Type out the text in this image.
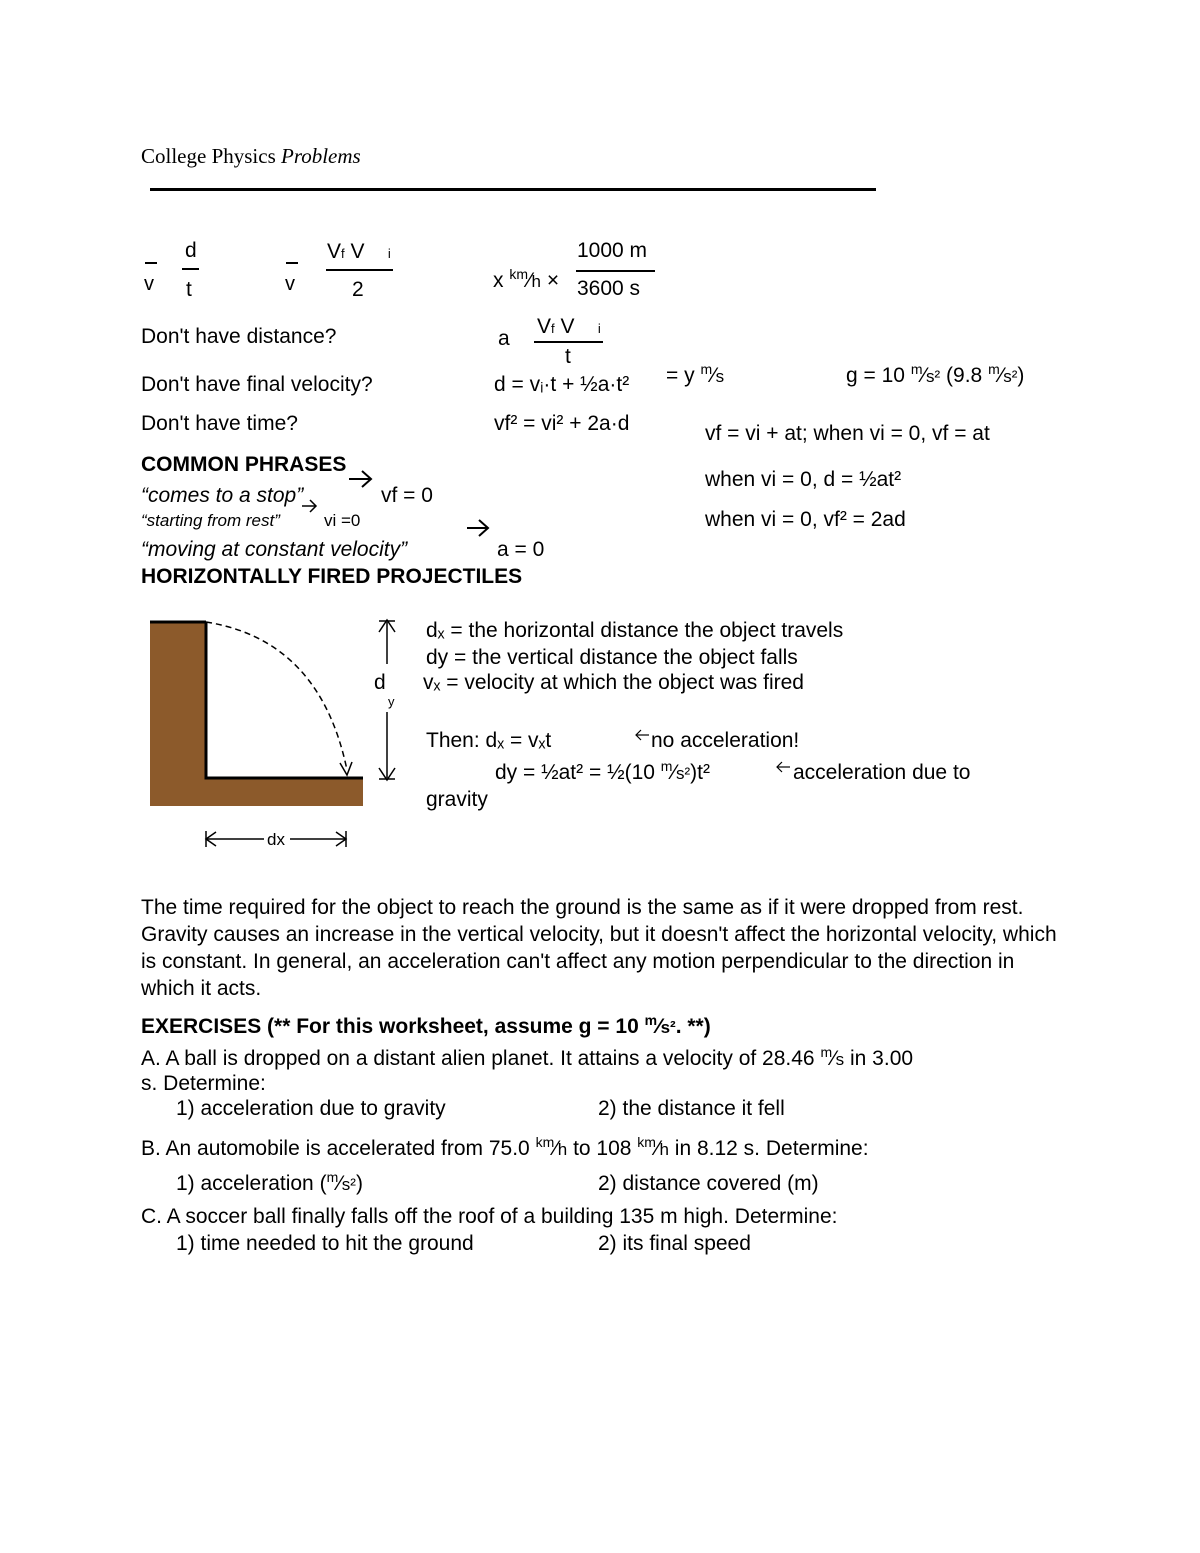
College Physics Problems
v
d
t	v
Vf V i
2	x $^{km}$⁄h ×
1000 m
3600 s
Don't have distance?	a
Vf V i
t
Don't have final velocity?	d = vᵢ·t + ½a·t² = y $^m$⁄s	g = 10 $^m$⁄s² (9.8 $^m$⁄s²)
Don't have time?	vf² = vi² + 2a·d	vf = vi + at; when vi = 0, vf = at
when vi = 0, d = ½at²
when vi = 0, vf² = 2ad
COMMON PHRASES
“comes to a stop”	vf = 0
“starting from rest”	vi =0
“moving at constant velocity”	a = 0
HORIZONTALLY FIRED PROJECTILES
d
y
dx
dₓ = the horizontal distance the object travels
dy = the vertical distance the object falls
vₓ = velocity at which the object was fired
Then: dₓ = vₓt	no acceleration!
dy = ½at² = ½(10 $^m$⁄s²)t²	acceleration due to
gravity
The time required for the object to reach the ground is the same as if it were dropped from rest. Gravity causes an increase in the vertical velocity, but it doesn't affect the horizontal velocity, which is constant. In general, an acceleration can't affect any motion perpendicular to the direction in which it acts.
EXERCISES (** For this worksheet, assume g = 10 $^m$⁄s². **)
A. A ball is dropped on a distant alien planet. It attains a velocity of 28.46 $^m$⁄s in 3.00
s. Determine:
1) acceleration due to gravity	2) the distance it fell
B. An automobile is accelerated from 75.0 $^{km}$⁄h to 108 $^{km}$⁄h in 8.12 s. Determine:
1) acceleration ($^m$⁄s²)	2) distance covered (m)
C. A soccer ball finally falls off the roof of a building 135 m high. Determine:
1) time needed to hit the ground	2) its final speed
